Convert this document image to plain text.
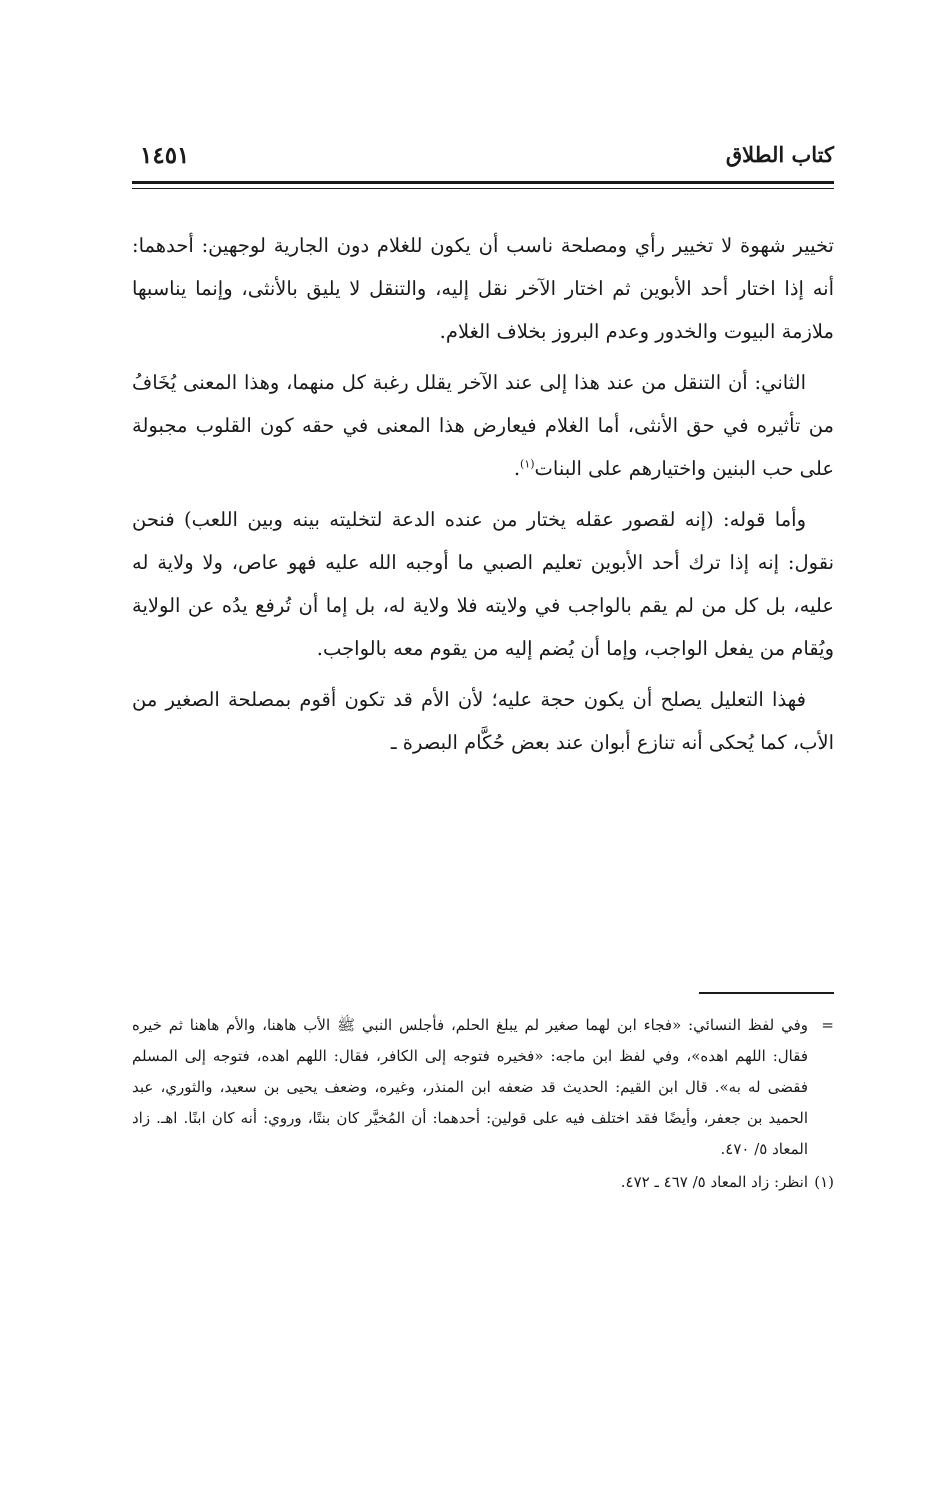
كتاب الطلاق
١٤٥١

تخيير شهوة لا تخيير رأي ومصلحة ناسب أن يكون للغلام دون الجارية لوجهين: أحدهما: أنه إذا اختار أحد الأبوين ثم اختار الآخر نقل إليه، والتنقل لا يليق بالأنثى، وإنما يناسبها ملازمة البيوت والخدور وعدم البروز بخلاف الغلام.

الثاني: أن التنقل من عند هذا إلى عند الآخر يقلل رغبة كل منهما، وهذا المعنى يُخَافُ من تأثيره في حق الأنثى، أما الغلام فيعارض هذا المعنى في حقه كون القلوب مجبولة على حب البنين واختيارهم على البنات$^{(١)}$.

وأما قوله: (إنه لقصور عقله يختار من عنده الدعة لتخليته بينه وبين اللعب) فنحن نقول: إنه إذا ترك أحد الأبوين تعليم الصبي ما أوجبه الله عليه فهو عاص، ولا ولاية له عليه، بل كل من لم يقم بالواجب في ولايته فلا ولاية له، بل إما أن تُرفع يدُه عن الولاية ويُقام من يفعل الواجب، وإما أن يُضم إليه من يقوم معه بالواجب.

فهذا التعليل يصلح أن يكون حجة عليه؛ لأن الأم قد تكون أقوم بمصلحة الصغير من الأب، كما يُحكى أنه تنازع أبوان عند بعض حُكَّام البصرة ـ

=
وفي لفظ النسائي: «فجاء ابن لهما صغير لم يبلغ الحلم، فأجلس النبي ﷺ الأب هاهنا، والأم هاهنا ثم خيره فقال: اللهم اهده»، وفي لفظ ابن ماجه: «فخيره فتوجه إلى الكافر، فقال: اللهم اهده، فتوجه إلى المسلم فقضى له به». قال ابن القيم: الحديث قد ضعفه ابن المنذر، وغيره، وضعف يحيى بن سعيد، والثوري، عبد الحميد بن جعفر، وأيضًا فقد اختلف فيه على قولين: أحدهما: أن المُخيَّر كان بنتًا، وروي: أنه كان ابنًا. اهـ. زاد المعاد ٥/ ٤٧٠.

(١)
انظر: زاد المعاد ٥/ ٤٦٧ ـ ٤٧٢.
